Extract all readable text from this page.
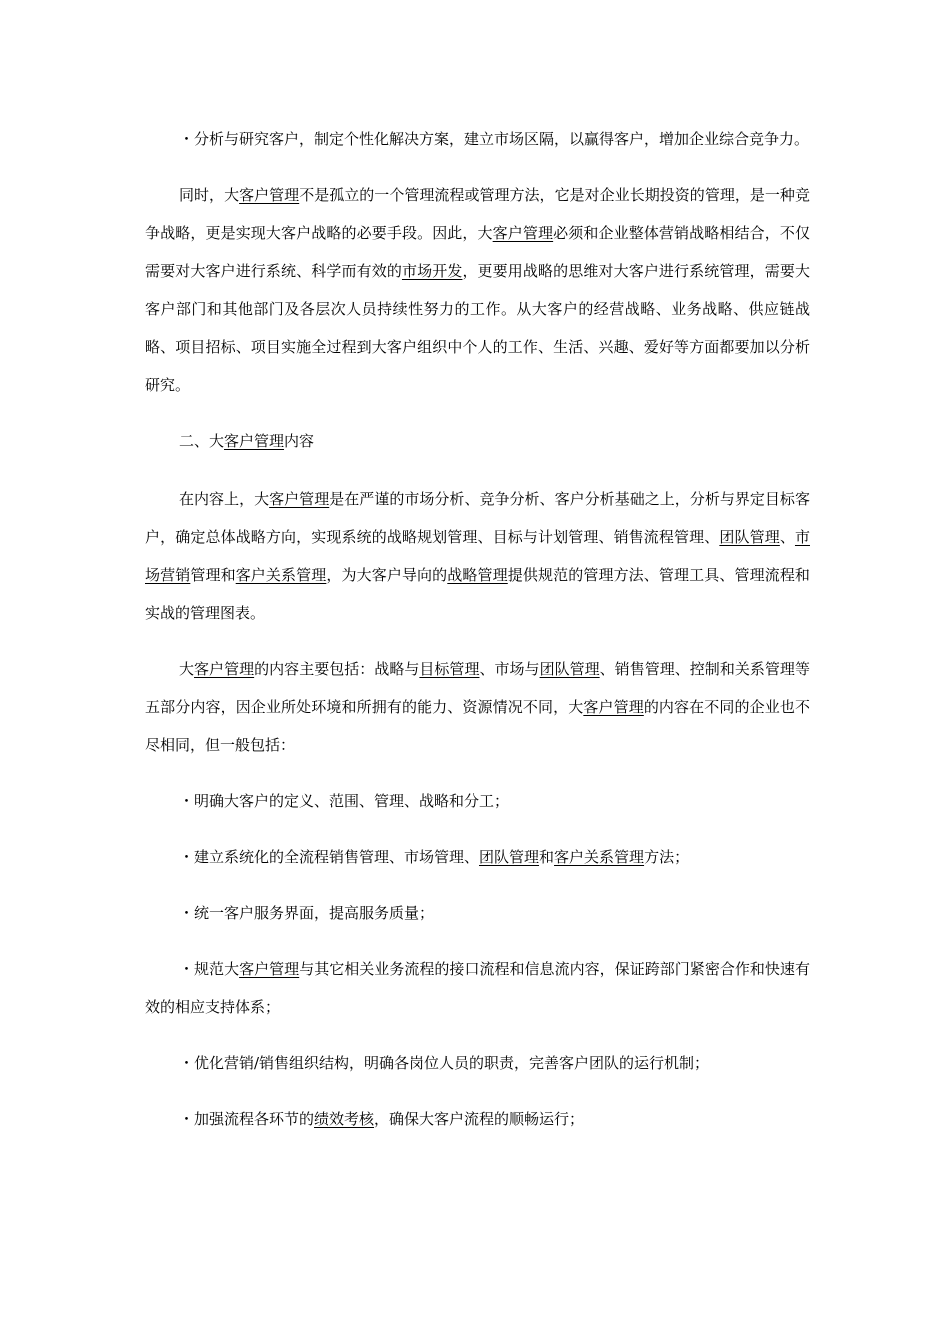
・分析与研究客户，制定个性化解决方案，建立市场区隔，以赢得客户，增加企业综合竞争力。

同时，大客户管理不是孤立的一个管理流程或管理方法，它是对企业长期投资的管理，是一种竞争战略，更是实现大客户战略的必要手段。因此，大客户管理必须和企业整体营销战略相结合，不仅需要对大客户进行系统、科学而有效的市场开发，更要用战略的思维对大客户进行系统管理，需要大客户部门和其他部门及各层次人员持续性努力的工作。从大客户的经营战略、业务战略、供应链战略、项目招标、项目实施全过程到大客户组织中个人的工作、生活、兴趣、爱好等方面都要加以分析研究。

二、大客户管理内容

在内容上，大客户管理是在严谨的市场分析、竞争分析、客户分析基础之上，分析与界定目标客户，确定总体战略方向，实现系统的战略规划管理、目标与计划管理、销售流程管理、团队管理、市场营销管理和客户关系管理，为大客户导向的战略管理提供规范的管理方法、管理工具、管理流程和实战的管理图表。

大客户管理的内容主要包括：战略与目标管理、市场与团队管理、销售管理、控制和关系管理等五部分内容，因企业所处环境和所拥有的能力、资源情况不同，大客户管理的内容在不同的企业也不尽相同，但一般包括：

・明确大客户的定义、范围、管理、战略和分工；

・建立系统化的全流程销售管理、市场管理、团队管理和客户关系管理方法；

・统一客户服务界面，提高服务质量；

・规范大客户管理与其它相关业务流程的接口流程和信息流内容，保证跨部门紧密合作和快速有效的相应支持体系；

・优化营销/销售组织结构，明确各岗位人员的职责，完善客户团队的运行机制；

・加强流程各环节的绩效考核，确保大客户流程的顺畅运行；
